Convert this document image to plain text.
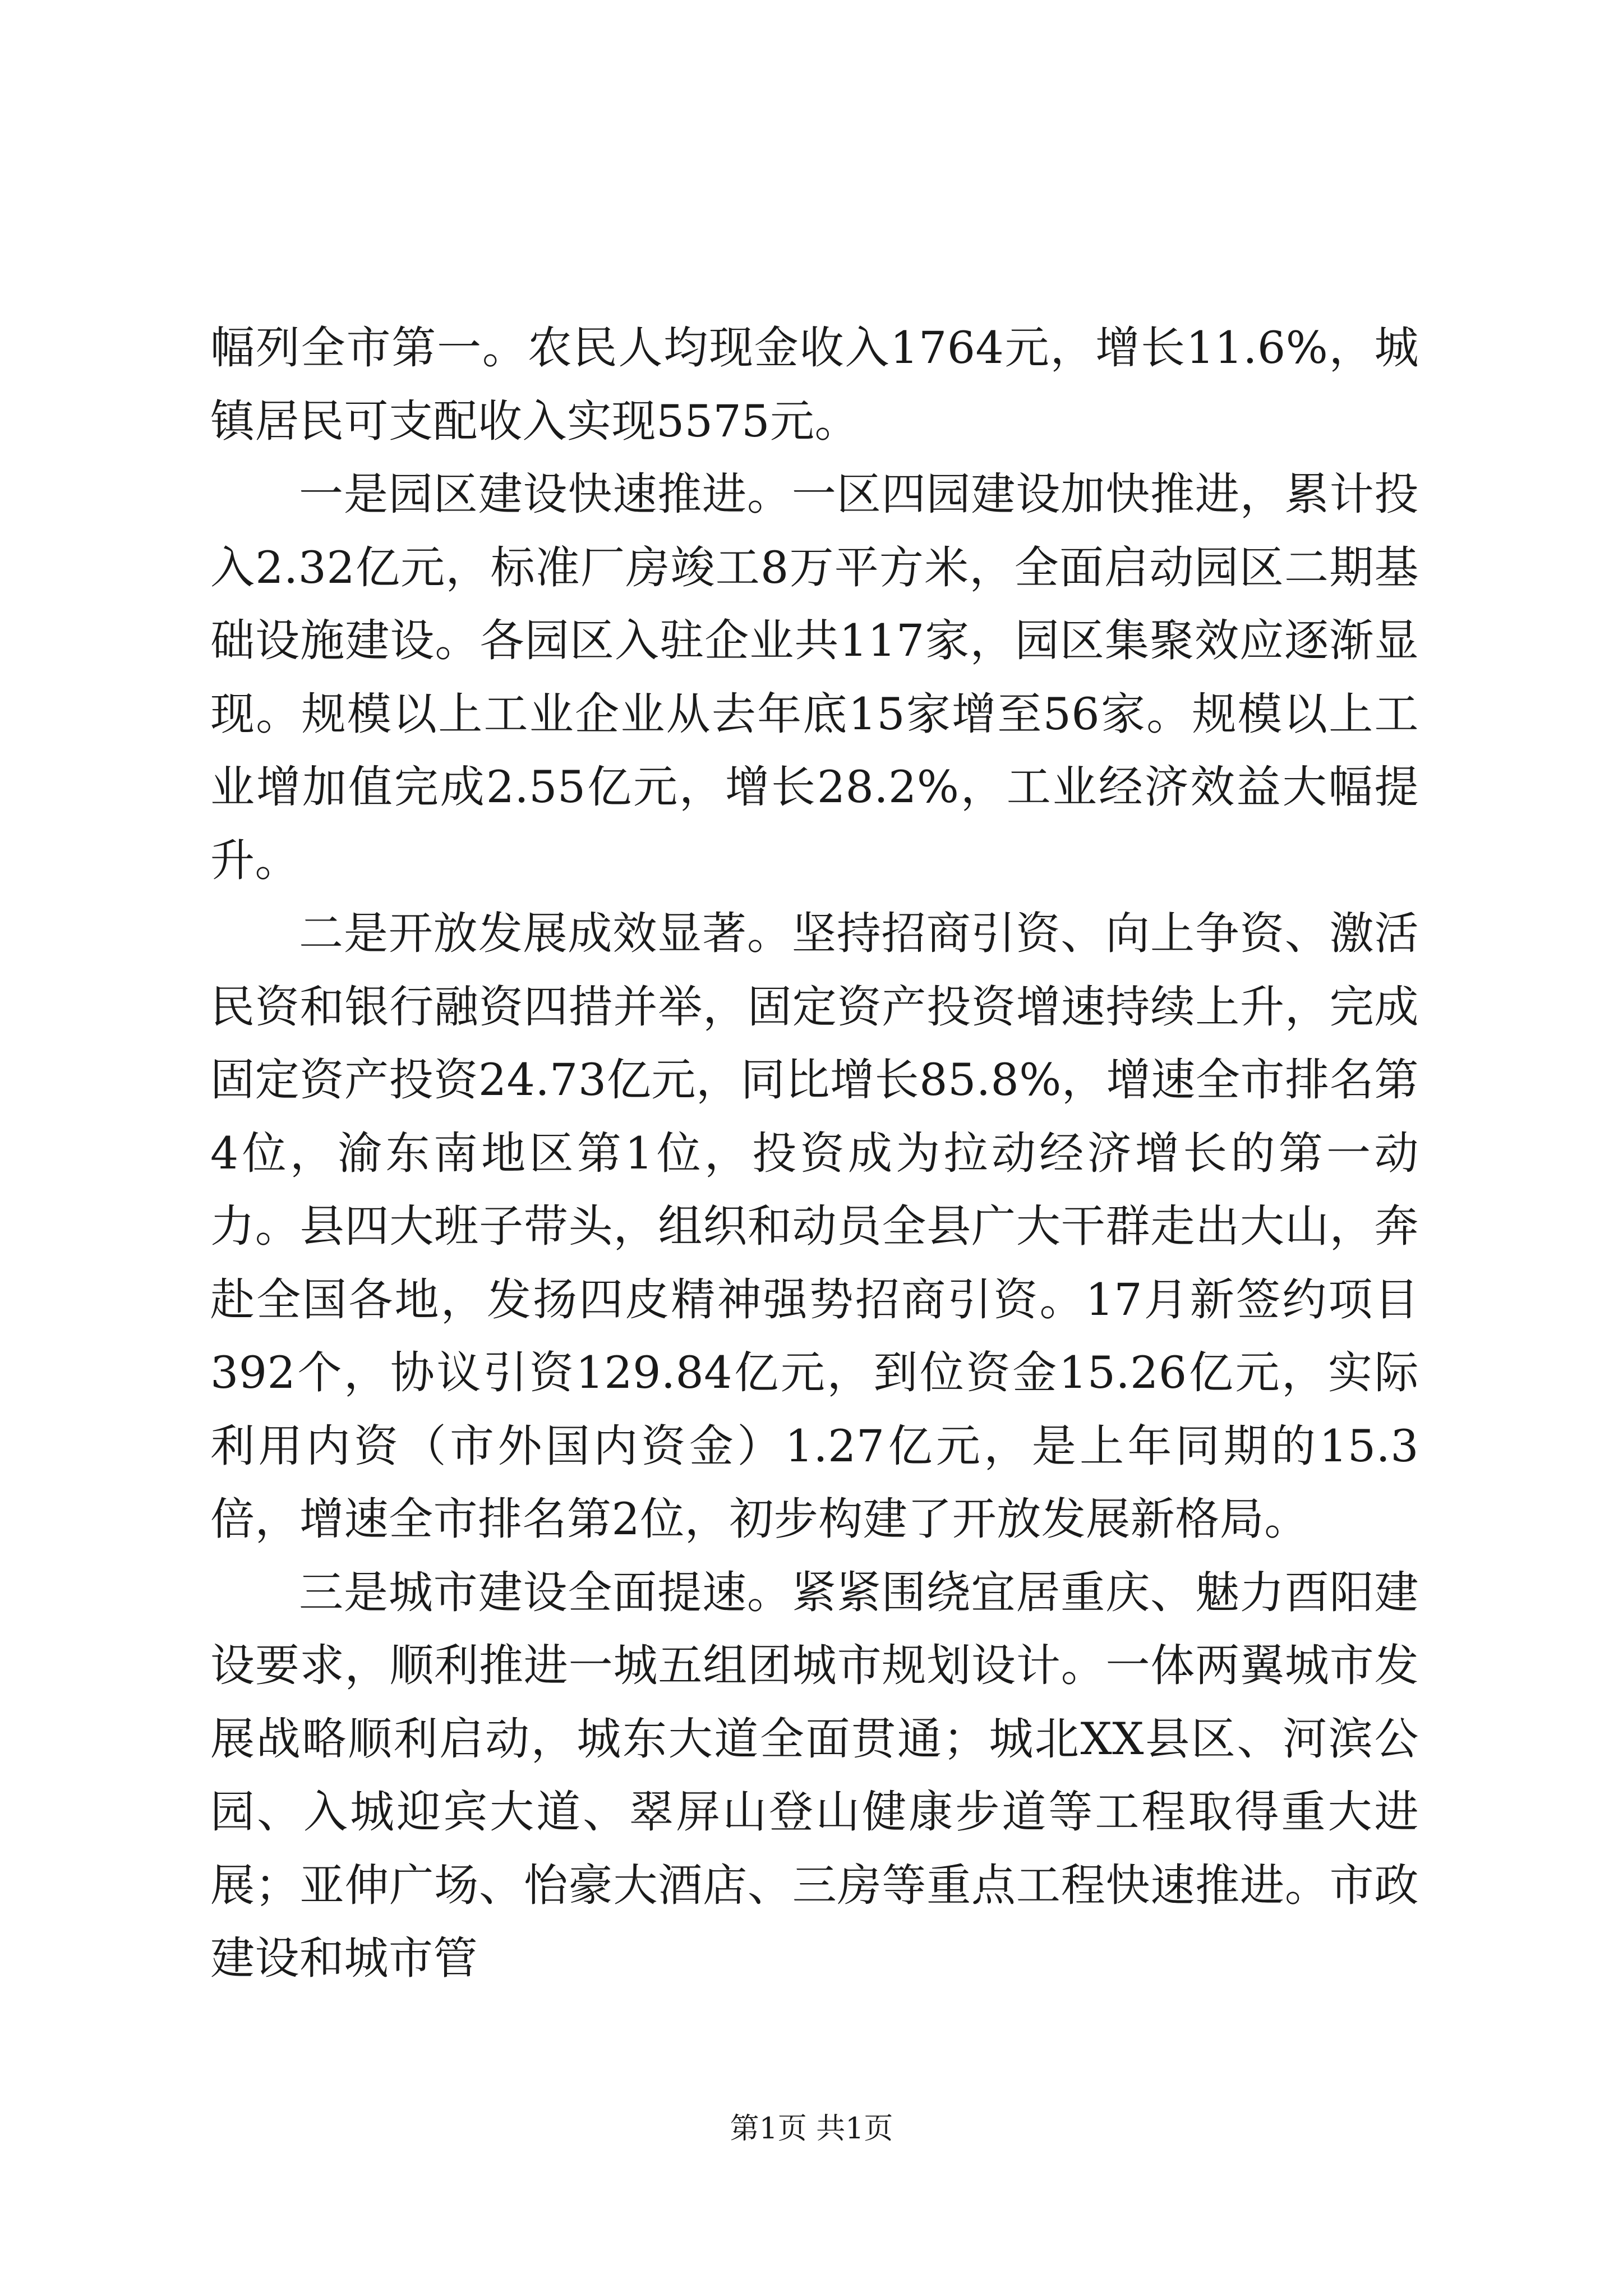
幅列全市第一。农民人均现金收入1764元，增长11.6%，城镇居民可支配收入实现5575元。

一是园区建设快速推进。一区四园建设加快推进，累计投入2.32亿元，标准厂房竣工8万平方米，全面启动园区二期基础设施建设。各园区入驻企业共117家，园区集聚效应逐渐显现。规模以上工业企业从去年底15家增至56家。规模以上工业增加值完成2.55亿元，增长28.2%，工业经济效益大幅提升。

二是开放发展成效显著。坚持招商引资、向上争资、激活民资和银行融资四措并举，固定资产投资增速持续上升，完成固定资产投资24.73亿元，同比增长85.8%，增速全市排名第4位，渝东南地区第1位，投资成为拉动经济增长的第一动力。县四大班子带头，组织和动员全县广大干群走出大山，奔赴全国各地，发扬四皮精神强势招商引资。17月新签约项目392个，协议引资129.84亿元，到位资金15.26亿元，实际利用内资（市外国内资金）1.27亿元，是上年同期的15.3倍，增速全市排名第2位，初步构建了开放发展新格局。

三是城市建设全面提速。紧紧围绕宜居重庆、魅力酉阳建设要求，顺利推进一城五组团城市规划设计。一体两翼城市发展战略顺利启动，城东大道全面贯通；城北XX县区、河滨公园、入城迎宾大道、翠屏山登山健康步道等工程取得重大进展；亚伸广场、怡豪大酒店、三房等重点工程快速推进。市政建设和城市管

第1页 共1页
